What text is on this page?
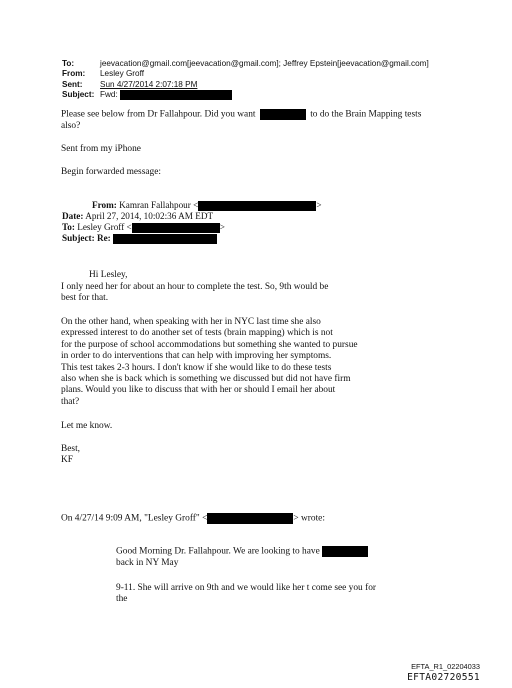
To:	jeevacation@gmail.com[jeevacation@gmail.com]; Jeffrey Epstein[jeevacation@gmail.com]
From: Lesley Groff
Sent: Sun 4/27/2014 2:07:18 PM
Subject: Fwd:
Please see below from Dr Fallahpour. Did you want	to do the Brain Mapping tests
also?
Sent from my iPhone
Begin forwarded message:
From: Kamran Fallahpour <	>
Date: April 27, 2014, 10:02:36 AM EDT
To: Lesley Groff <	>
Subject: Re:
Hi Lesley,
I only need her for about an hour to complete the test. So, 9th would be
best for that.
On the other hand, when speaking with her in NYC last time she also
expressed interest to do another set of tests (brain mapping) which is not
for the purpose of school accommodations but something she wanted to pursue
in order to do interventions that can help with improving her symptoms.
This test takes 2-3 hours. I don't know if she would like to do these tests
also when she is back which is something we discussed but did not have firm
plans. Would you like to discuss that with her or should I email her about
that?
Let me know.
Best,
KF
On 4/27/14 9:09 AM, "Lesley Groff" <	> wrote:
Good Morning Dr. Fallahpour. We are looking to have
back in NY May
9-11. She will arrive on 9th and we would like her t come see you for
the
EFTA_R1_02204033
EFTA02720551
